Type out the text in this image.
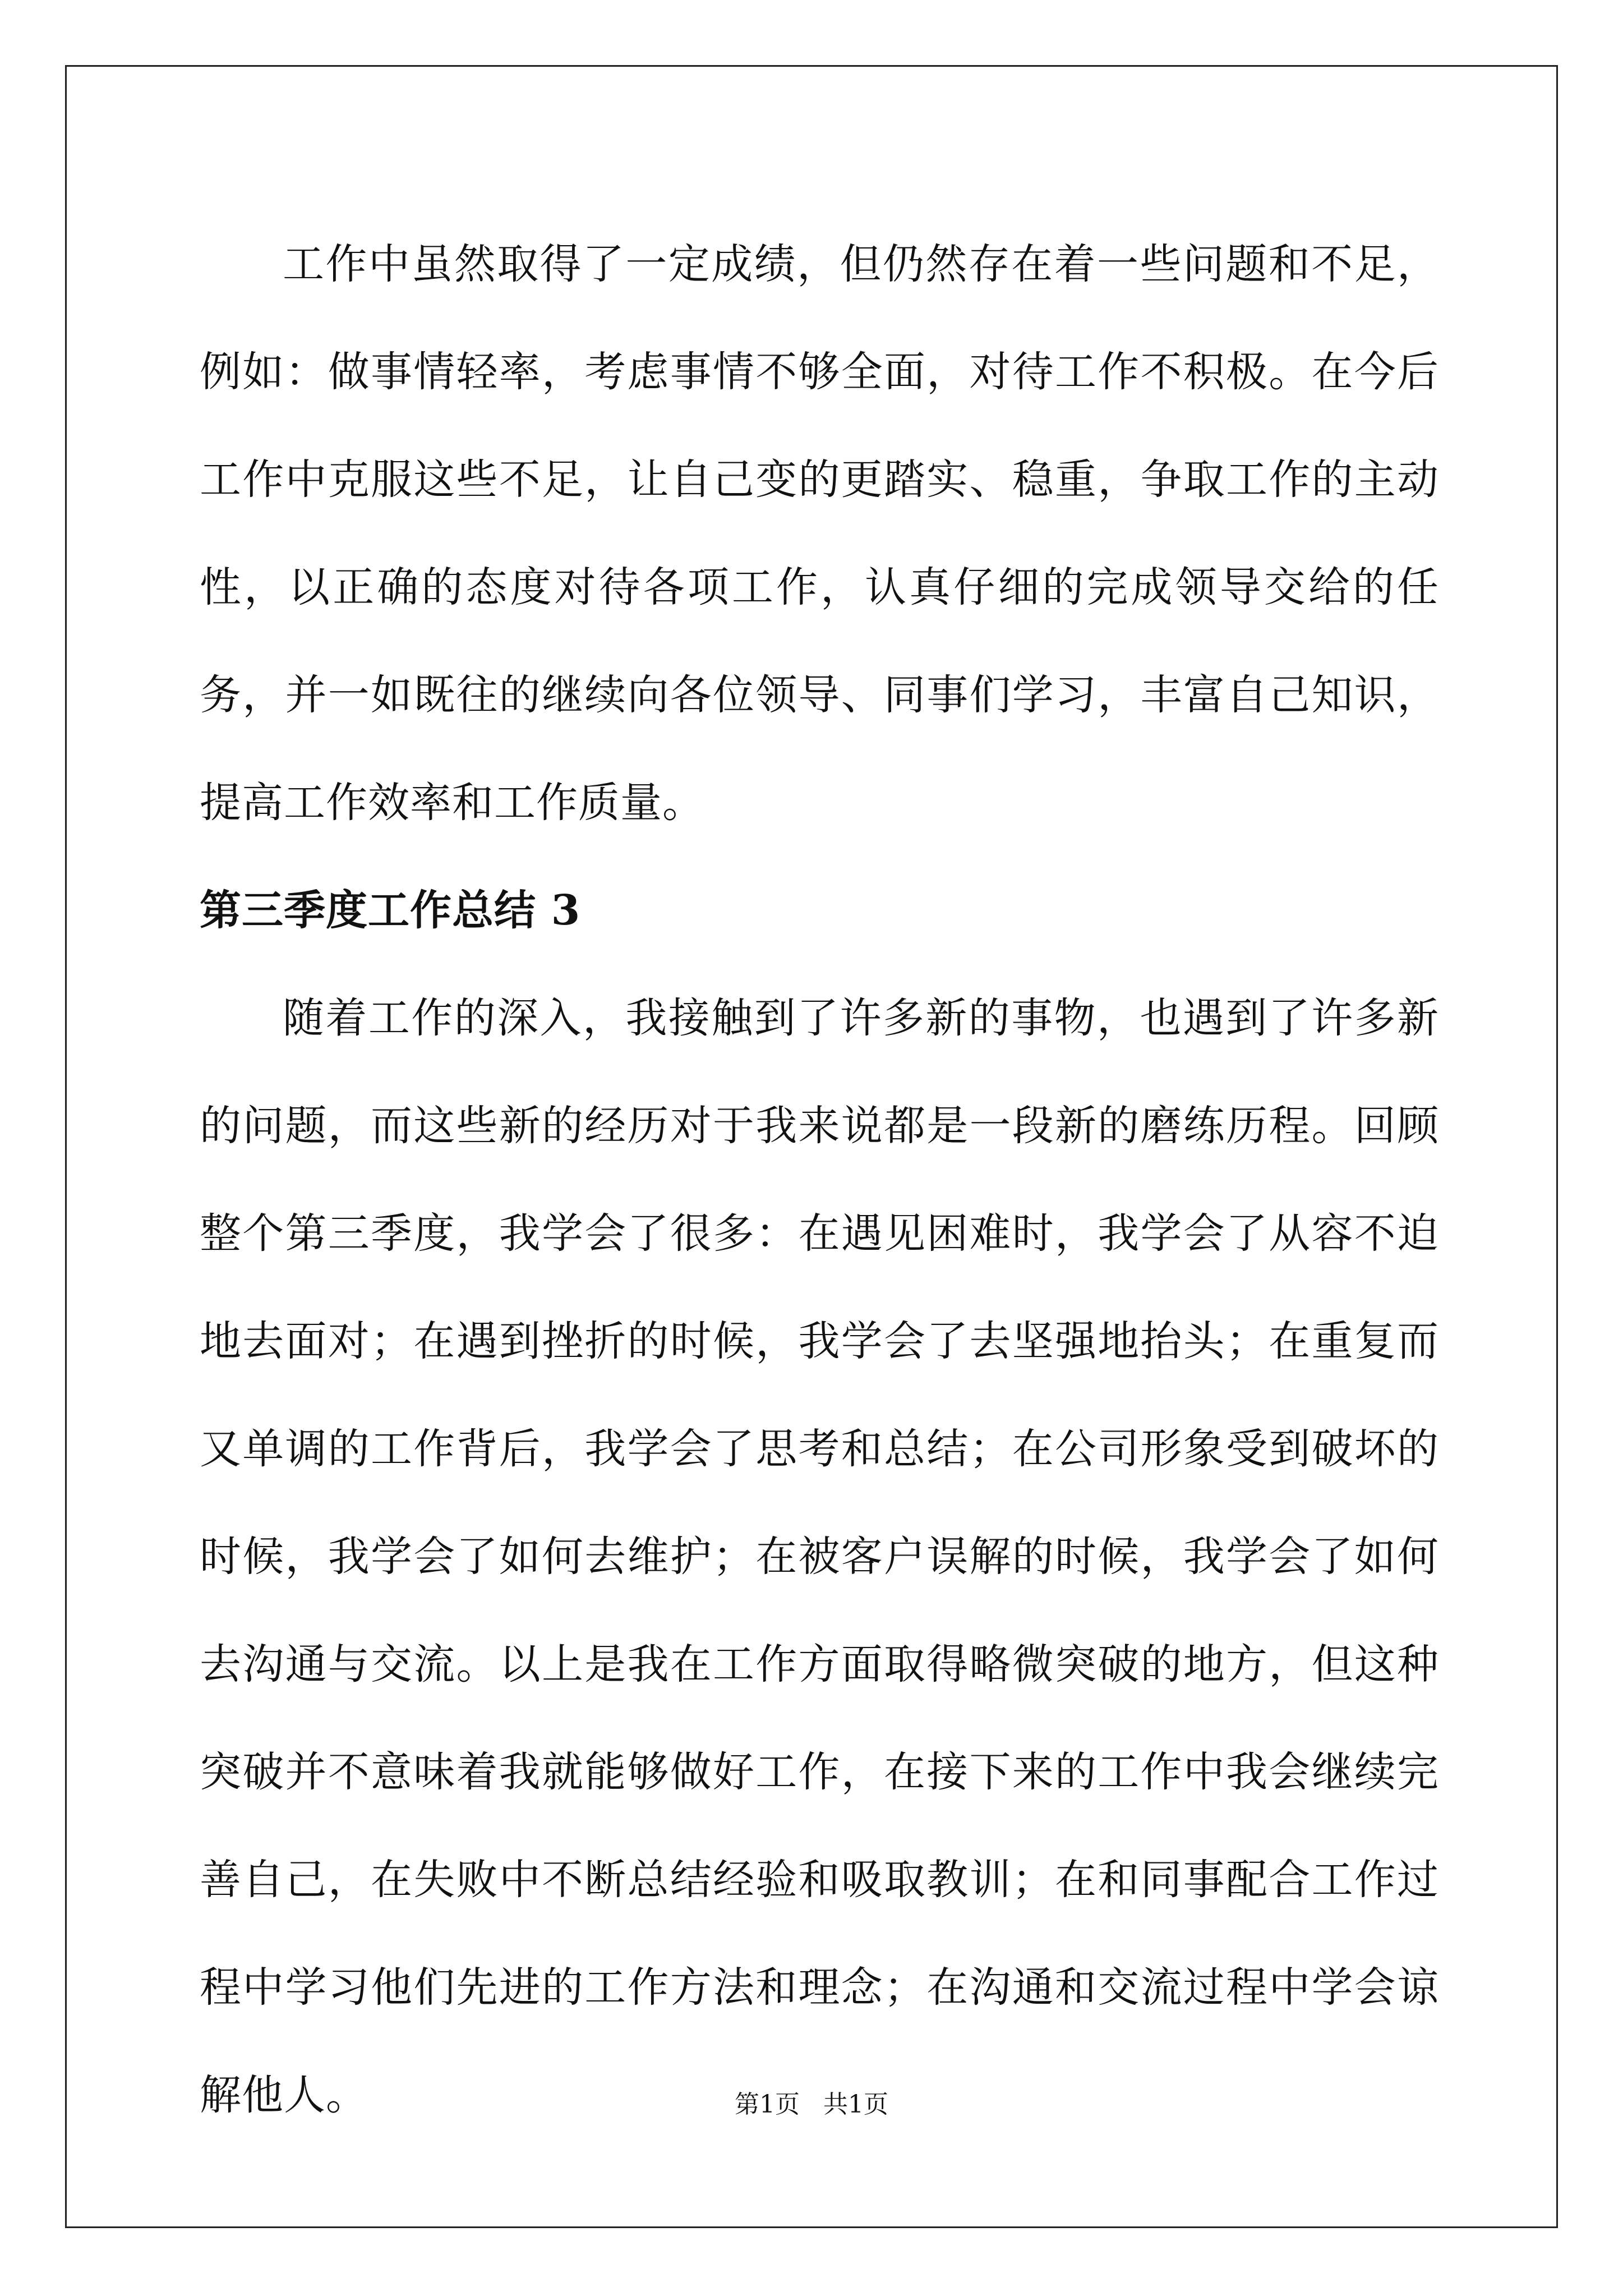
工作中虽然取得了一定成绩，但仍然存在着一些问题和不足，例如：做事情轻率，考虑事情不够全面，对待工作不积极。在今后工作中克服这些不足，让自己变的更踏实、稳重，争取工作的主动性，以正确的态度对待各项工作，认真仔细的完成领导交给的任务，并一如既往的继续向各位领导、同事们学习，丰富自己知识，提高工作效率和工作质量。

第三季度工作总结 3

随着工作的深入，我接触到了许多新的事物，也遇到了许多新的问题，而这些新的经历对于我来说都是一段新的磨练历程。回顾整个第三季度，我学会了很多：在遇见困难时，我学会了从容不迫地去面对；在遇到挫折的时候，我学会了去坚强地抬头；在重复而又单调的工作背后，我学会了思考和总结；在公司形象受到破坏的时候，我学会了如何去维护；在被客户误解的时候，我学会了如何去沟通与交流。以上是我在工作方面取得略微突破的地方，但这种突破并不意味着我就能够做好工作，在接下来的工作中我会继续完善自己，在失败中不断总结经验和吸取教训；在和同事配合工作过程中学习他们先进的工作方法和理念；在沟通和交流过程中学会谅解他人。	第1页   共1页
